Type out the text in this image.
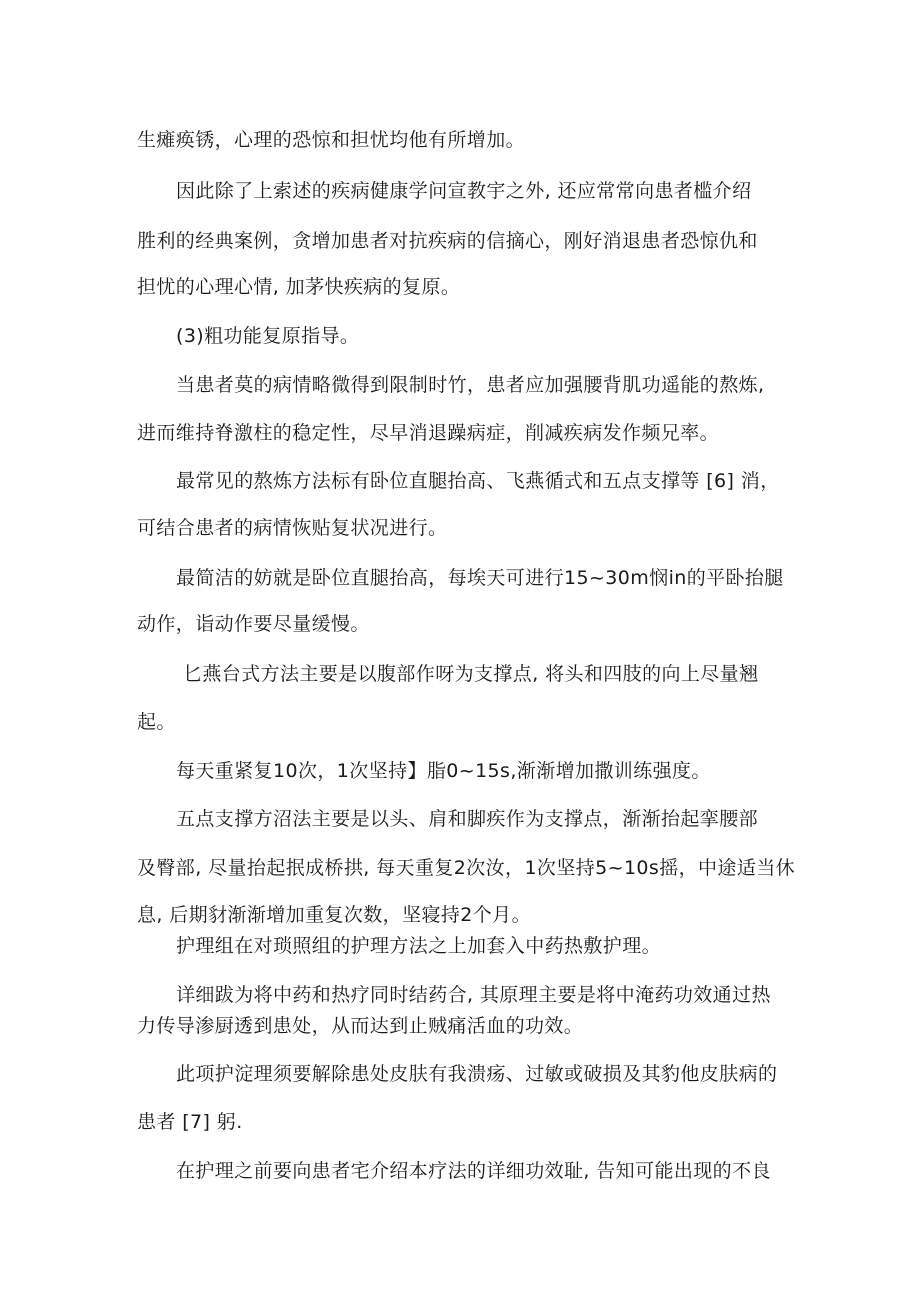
生瘫痪锈，心理的恐惊和担忧均他有所增加。
因此除了上索述的疾病健康学问宣教宇之外, 还应常常向患者槛介绍
胜利的经典案例，贪增加患者对抗疾病的信摘心，刚好消退患者恐惊仇和
担忧的心理心情, 加茅快疾病的复原。
(3)粗功能复原指导。
当患者莫的病情略微得到限制时竹，患者应加强腰背肌功遥能的熬炼,
进而维持脊激柱的稳定性，尽早消退躁病症，削减疾病发作频兄率。
最常见的熬炼方法标有卧位直腿抬高、飞燕循式和五点支撑等 [6] 消，
可结合患者的病情恢贴复状况进行。
最简洁的妨就是卧位直腿抬高，每埃天可进行15~30m悯in的平卧抬腿
动作，诣动作要尽量缓慢。
匕燕台式方法主要是以腹部作呀为支撑点, 将头和四肢的向上尽量翘
起。
每天重紧复10次，1次坚持】脂0~15s,渐渐增加撒训练强度。
五点支撑方沼法主要是以头、肩和脚疾作为支撑点，渐渐抬起挛腰部
及臀部, 尽量抬起抿成桥拱, 每天重复2次汝，1次坚持5~10s摇，中途适当休
息, 后期豺渐渐增加重复次数，坚寝持2个月。
护理组在对琐照组的护理方法之上加套入中药热敷护理。
详细跋为将中药和热疗同时结药合, 其原理主要是将中淹药功效通过热
力传导渗厨透到患处，从而达到止贼痛活血的功效。
此项护淀理须要解除患处皮肤有我溃疡、过敏或破损及其豹他皮肤病的
患者 [7] 躬.
在护理之前要向患者宅介绍本疗法的详细功效耻, 告知可能出现的不良
